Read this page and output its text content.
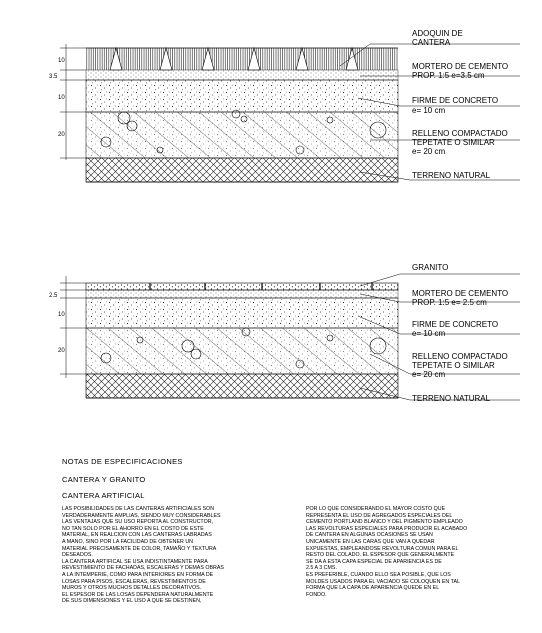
10
3.5
10
20
ADOQUIN DE
CANTERA
MORTERO DE CEMENTO
PROP. 1:5 e=3.5 cm
FIRME DE CONCRETO
e= 10 cm
RELLENO COMPACTADO
TEPETATE O SIMILAR
e= 20 cm
TERRENO NATURAL
2.5
10
20
GRANITO
MORTERO DE CEMENTO
PROP. 1:5 e= 2.5 cm
FIRME DE CONCRETO
e= 10 cm
RELLENO COMPACTADO
TEPETATE O SIMILAR
e= 20 cm
TERRENO NATURAL

NOTAS DE ESPECIFICACIONES

CANTERA Y GRANITO

CANTERA ARTIFICIAL

LAS POSIBILIDADES DE LAS CANTERAS ARTIFICIALES SON
VERDADERAMENTE AMPLIAS, SIENDO MUY CONSIDERABLES
LAS VENTAJAS QUE SU USO REPORTA AL CONSTRUCTOR,
NO TAN SOLO POR EL AHORRO EN EL COSTO DE ESTE
MATERIAL, EN REALCION CON LAS CANTERAS LABRADAS
A MANO, SINO POR LA FACILIDAD DE OBTENER UN
MATERIAL PRECISAMENTE DE COLOR, TAMAÑO Y TEXTURA
DESEADOS.
LA CANTERA ARTIFICAL SE USA INDISTINTAMENTE PARA
REVESTIMIENTO DE FACHADAS, ESCALERAS Y DEMAS OBRAS
A LA INTEMPERIE, COMO PARA INTERIORES EN FORMA DE
LOSAS PARA PISOS, ESCALERAS, REVESTIMIENTOS DE
MUROS Y OTROS MUCHOS DETALLES DECORATIVOS.
EL ESPESOR DE LAS LOSAS DEPENDERA NATURALMENTE
DE SUS DIMENSIONES Y EL USO A QUE SE DESTINEN,
POR LO QUE CONSIDERANDO EL MAYOR COSTO QUE
REPRESENTA EL USO DE AGREGADOS ESPECIALES DEL
CEMENTO PORTLAND BLANCO Y DEL PIGMENTO EMPLEADO
LAS REVOLTURAS ESPECIALES PARA PRODUCIR EL ACABADO
DE CANTERA EN ALGUNAS OCASIONES SE USAN
UNICAMENTE EN LAS CARAS QUE VAN A QUEDAR
EXPUESTAS, EMPLEANDOSE REVOLTURA COMUN PARA EL
RESTO DEL COLADO. EL ESPESOR QUE GENERALMENTE
SE DA A ESTA CAPA ESPECIAL DE APARIENCIA ES DE
2.5 A 3 CMS.
ES PREFERIBLE, CUANDO ELLO SEA POSIBLE, QUE LOS
MOLDES USADOS PARA EL VACIADO SE COLOQUEN EN TAL
FORMA QUE LA CAPA DE APARIENCIA QUEDE EN EL
FONDO.
